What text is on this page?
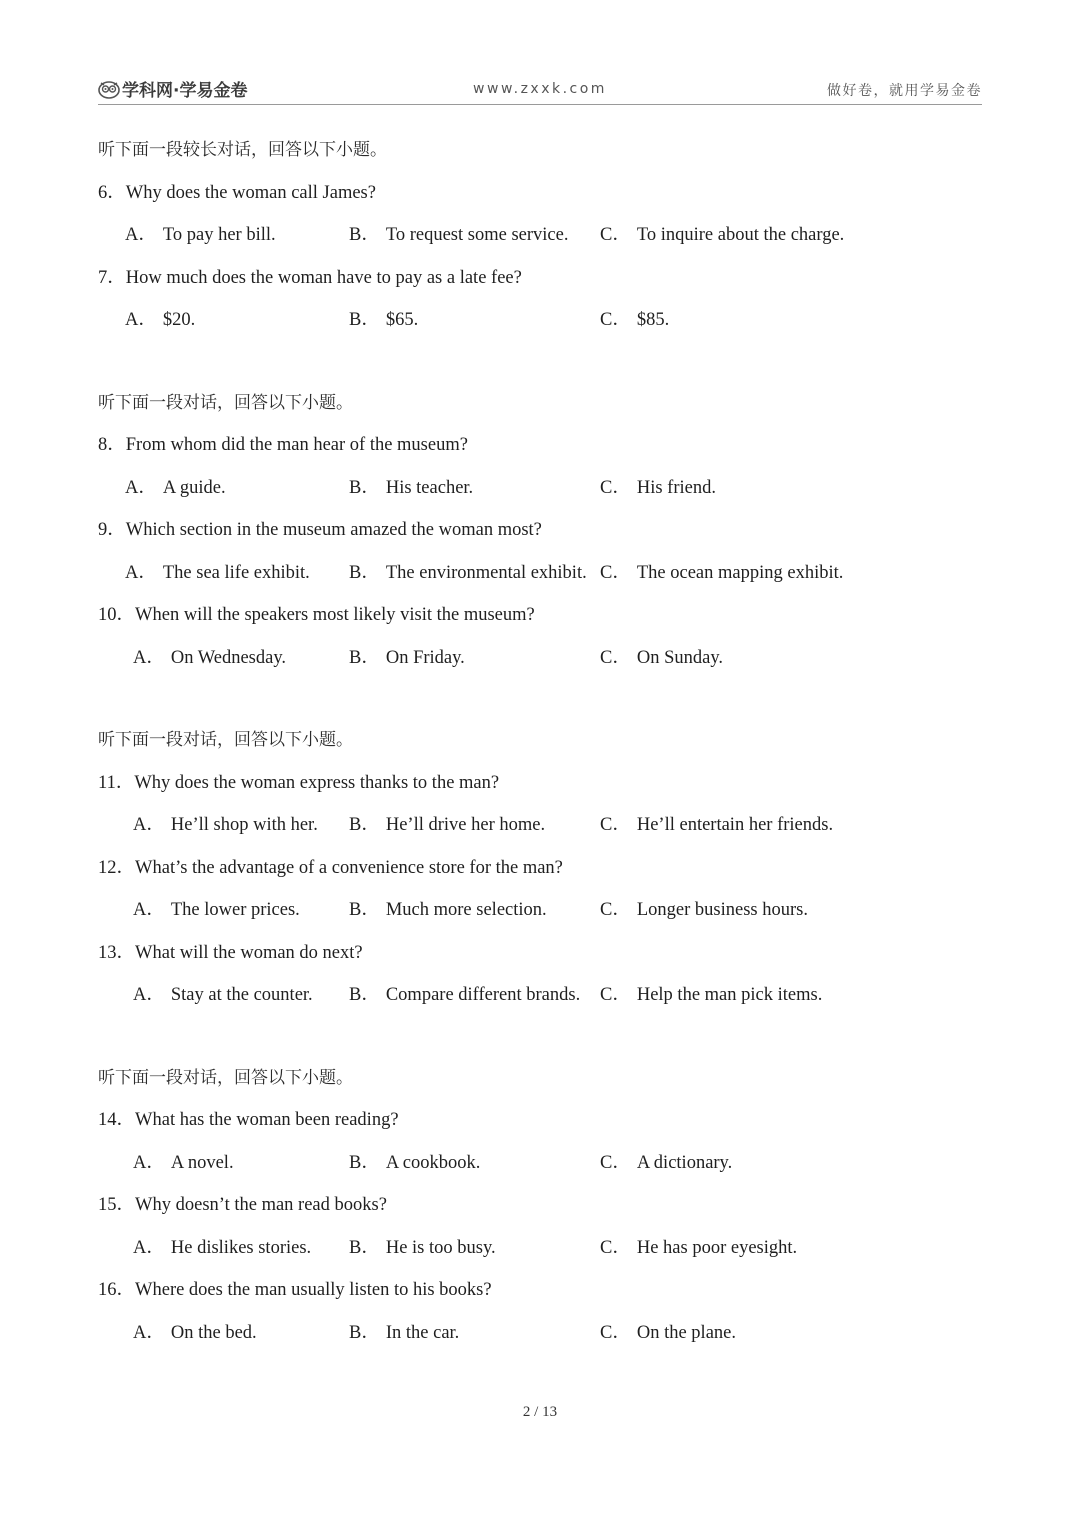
学科网·学易金卷	www.zxxk.com	做好卷，就用学易金卷
听下面一段较长对话，回答以下小题。
6．Why does the woman call James?
A． To pay her bill.	B． To request some service. C． To inquire about the charge.
7．How much does the woman have to pay as a late fee?
A． $20.	B． $65.	C． $85.
听下面一段对话，回答以下小题。
8．From whom did the man hear of the museum?
A． A guide.	B． His teacher.	C． His friend.
9．Which section in the museum amazed the woman most?
A． The sea life exhibit. B． The environmental exhibit. C． The ocean mapping exhibit.
10．When will the speakers most likely visit the museum?
A． On Wednesday.	B． On Friday.	C． On Sunday.
听下面一段对话，回答以下小题。
11．Why does the woman express thanks to the man?
A． He’ll shop with her. B． He’ll drive her home.	C． He’ll entertain her friends.
12．What’s the advantage of a convenience store for the man?
A． The lower prices.	B． Much more selection.	C． Longer business hours.
13．What will the woman do next?
A． Stay at the counter. B． Compare different brands. C． Help the man pick items.
听下面一段对话，回答以下小题。
14．What has the woman been reading?
A． A novel.	B． A cookbook.	C． A dictionary.
15．Why doesn’t the man read books?
A． He dislikes stories. B． He is too busy.	C． He has poor eyesight.
16．Where does the man usually listen to his books?
A． On the bed.	B． In the car.	C． On the plane.
2 / 13
